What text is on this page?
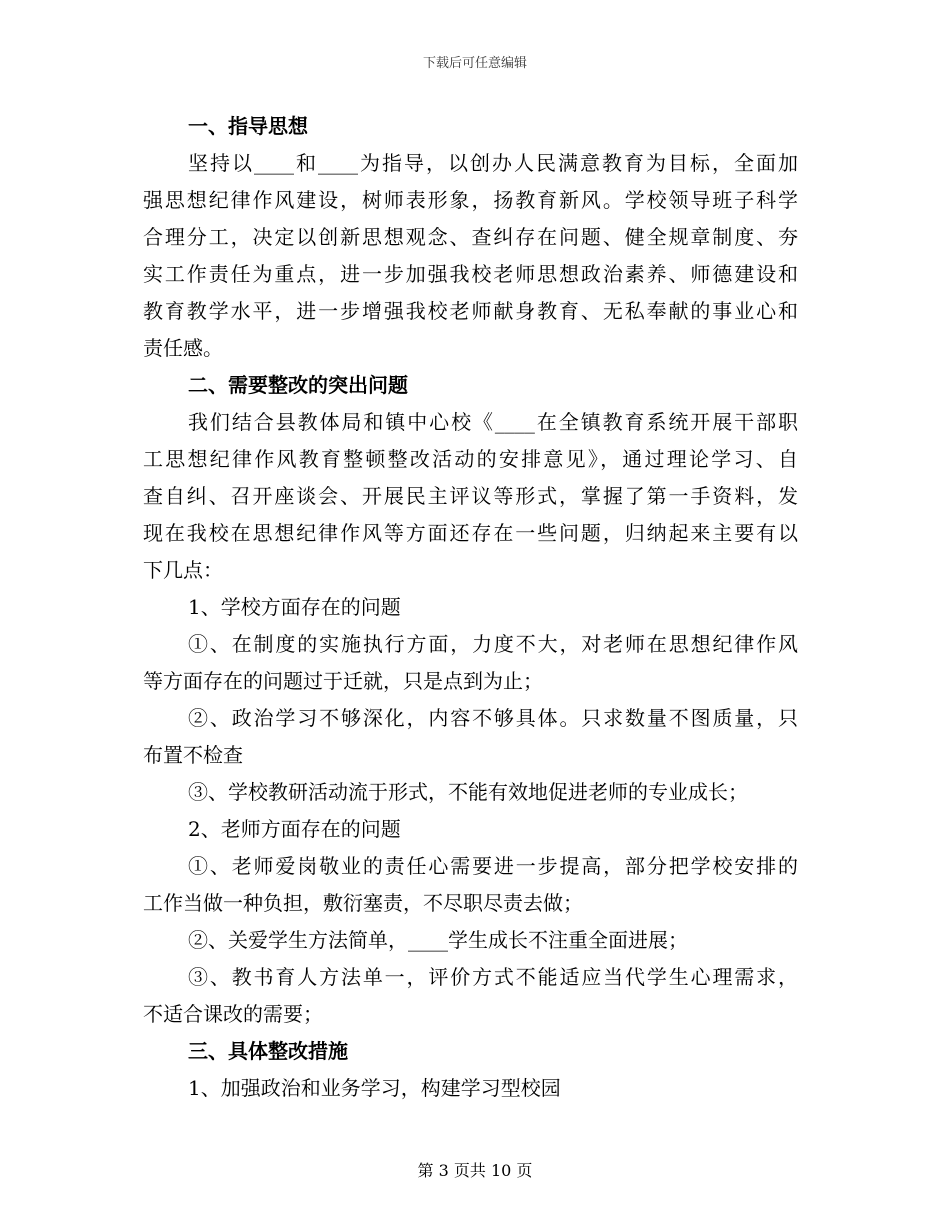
下载后可任意编辑

一、指导思想

坚持以____和____为指导，以创办人民满意教育为目标，全面加

强思想纪律作风建设，树师表形象，扬教育新风。学校领导班子科学

合理分工，决定以创新思想观念、查纠存在问题、健全规章制度、夯

实工作责任为重点，进一步加强我校老师思想政治素养、师德建设和

教育教学水平，进一步增强我校老师献身教育、无私奉献的事业心和

责任感。

二、需要整改的突出问题

我们结合县教体局和镇中心校《____在全镇教育系统开展干部职

工思想纪律作风教育整顿整改活动的安排意见》，通过理论学习、自

查自纠、召开座谈会、开展民主评议等形式，掌握了第一手资料，发

现在我校在思想纪律作风等方面还存在一些问题，归纳起来主要有以

下几点：

1、学校方面存在的问题

①、在制度的实施执行方面，力度不大，对老师在思想纪律作风

等方面存在的问题过于迁就，只是点到为止；

②、政治学习不够深化，内容不够具体。只求数量不图质量，只

布置不检查

③、学校教研活动流于形式，不能有效地促进老师的专业成长；

2、老师方面存在的问题

①、老师爱岗敬业的责任心需要进一步提高，部分把学校安排的

工作当做一种负担，敷衍塞责，不尽职尽责去做；

②、关爱学生方法简单，____学生成长不注重全面进展；

③、教书育人方法单一，评价方式不能适应当代学生心理需求，

不适合课改的需要；

三、具体整改措施

1、加强政治和业务学习，构建学习型校园

第 3 页共 10 页
